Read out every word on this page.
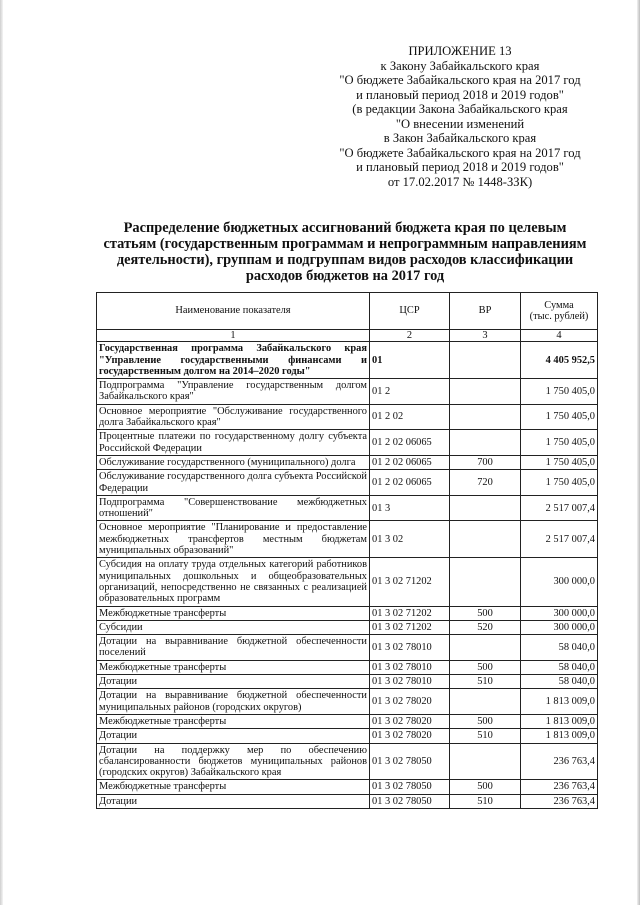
ПРИЛОЖЕНИЕ 13
к Закону Забайкальского края
"О бюджете Забайкальского края на 2017 год
и плановый период 2018 и 2019 годов"
(в редакции Закона Забайкальского края
"О внесении изменений
в Закон Забайкальского края
"О бюджете Забайкальского края на 2017 год
и плановый период 2018 и 2019 годов"
от 17.02.2017 № 1448-ЗЗК)
Распределение бюджетных ассигнований бюджета края по целевым
статьям (государственным программам и непрограммным направлениям
деятельности), группам и подгруппам видов расходов классификации
расходов бюджетов на 2017 год
Наименование показателя	ЦСР	ВР	Сумма
(тыс. рублей)
1	2	3	4
Государственная программа Забайкальского края "Управление государственными финансами и государственным долгом на 2014–2020 годы"	01		4 405 952,5
Подпрограмма "Управление государственным долгом Забайкальского края"	01 2		1 750 405,0
Основное мероприятие "Обслуживание государственного долга Забайкальского края"	01 2 02		1 750 405,0
Процентные платежи по государственному долгу субъекта Российской Федерации	01 2 02 06065		1 750 405,0
Обслуживание государственного (муниципального) долга	01 2 02 06065	700	1 750 405,0
Обслуживание государственного долга субъекта Российской Федерации	01 2 02 06065	720	1 750 405,0
Подпрограмма "Совершенствование межбюджетных отношений"	01 3		2 517 007,4
Основное мероприятие "Планирование и предоставление межбюджетных трансфертов местным бюджетам муниципальных образований"	01 3 02		2 517 007,4
Субсидия на оплату труда отдельных категорий работников муниципальных дошкольных и общеобразовательных организаций, непосредственно не связанных с реализацией образовательных программ	01 3 02 71202		300 000,0
Межбюджетные трансферты	01 3 02 71202	500	300 000,0
Субсидии	01 3 02 71202	520	300 000,0
Дотации на выравнивание бюджетной обеспеченности поселений	01 3 02 78010		58 040,0
Межбюджетные трансферты	01 3 02 78010	500	58 040,0
Дотации	01 3 02 78010	510	58 040,0
Дотации на выравнивание бюджетной обеспеченности муниципальных районов (городских округов)	01 3 02 78020		1 813 009,0
Межбюджетные трансферты	01 3 02 78020	500	1 813 009,0
Дотации	01 3 02 78020	510	1 813 009,0
Дотации на поддержку мер по обеспечению сбалансированности бюджетов муниципальных районов (городских округов) Забайкальского края	01 3 02 78050		236 763,4
Межбюджетные трансферты	01 3 02 78050	500	236 763,4
Дотации	01 3 02 78050	510	236 763,4
